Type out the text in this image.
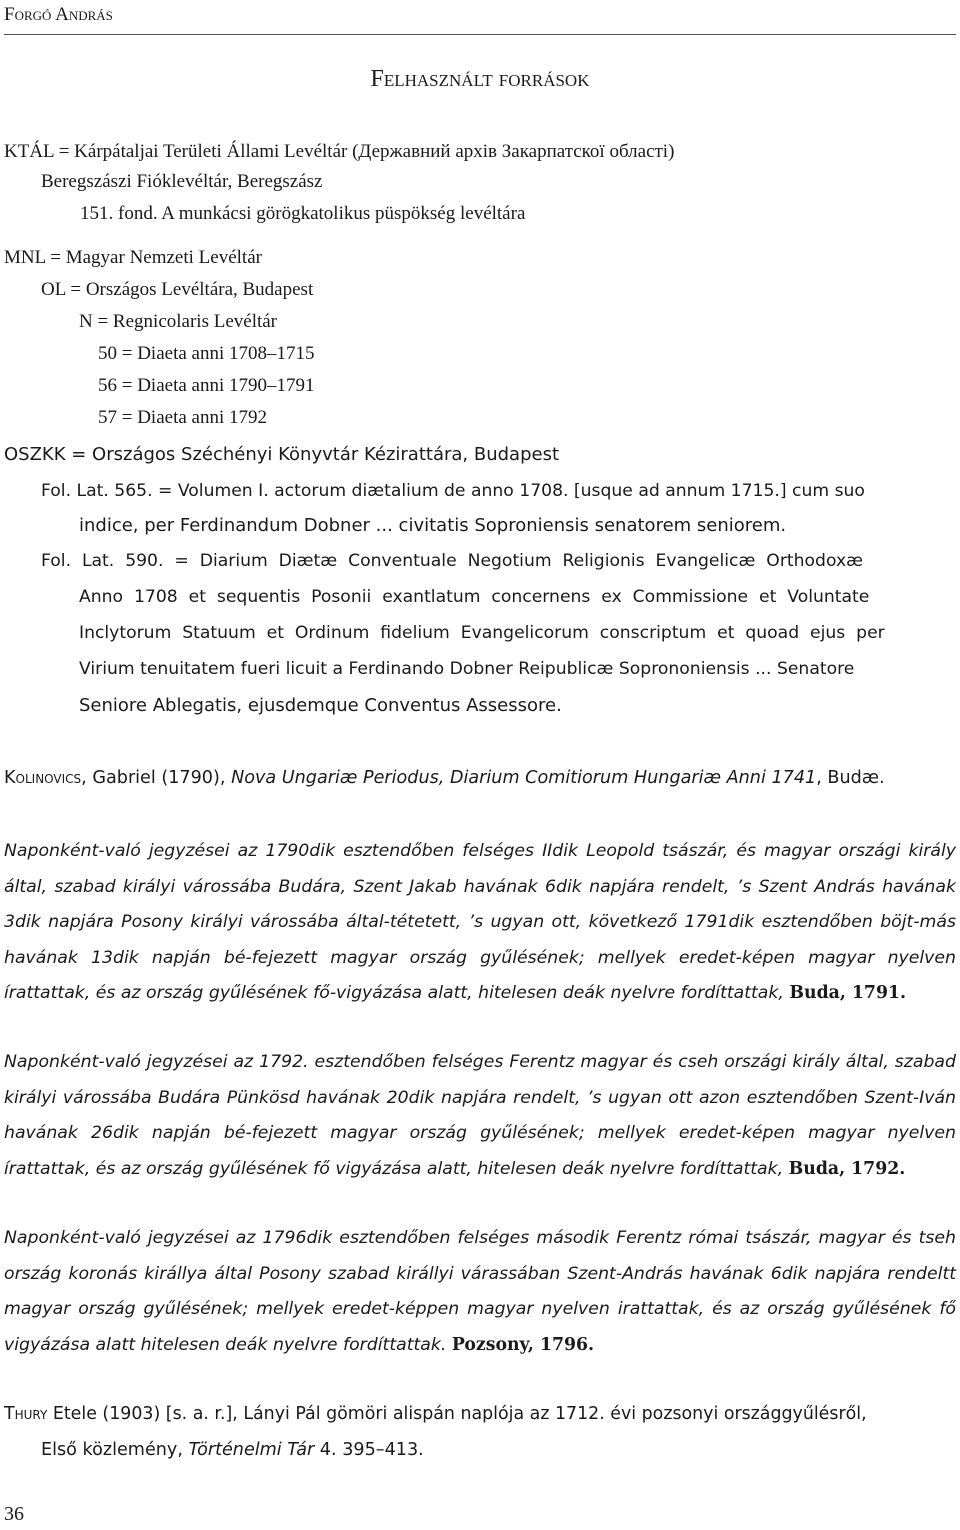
Forgó András
Felhasznált források
KTÁL = Kárpátaljai Területi Állami Levéltár (Державний архів Закарпатскої області)
Beregszászi Fióklevéltár, Beregszász
151. fond. A munkácsi görögkatolikus püspökség levéltára
MNL = Magyar Nemzeti Levéltár
OL = Országos Levéltára, Budapest
N = Regnicolaris Levéltár
50 = Diaeta anni 1708–1715
56 = Diaeta anni 1790–1791
57 = Diaeta anni 1792
OSZKK = Országos Széchényi Könyvtár Kézirattára, Budapest
Fol. Lat. 565. = Volumen I. actorum diætalium de anno 1708. [usque ad annum 1715.] cum suo
indice, per Ferdinandum Dobner ... civitatis Soproniensis senatorem seniorem.
Fol.  Lat.  590.  =  Diarium  Diætæ  Conventuale  Negotium  Religionis  Evangelicæ  Orthodoxæ
Anno  1708  et  sequentis  Posonii  exantlatum  concernens  ex  Commissione  et  Voluntate
Inclytorum  Statuum  et  Ordinum  fidelium  Evangelicorum  conscriptum  et  quoad  ejus  per
Virium tenuitatem fueri licuit a Ferdinando Dobner Reipublicæ Soprononiensis ... Senatore
Seniore Ablegatis, ejusdemque Conventus Assessore.
Kolinovics, Gabriel (1790), Nova Ungariæ Periodus, Diarium Comitiorum Hungariæ Anni 1741, Budæ.
Naponként-való jegyzései az 1790dik esztendőben felséges IIdik Leopold tsászár, és magyar országi király által, szabad királyi várossába Budára, Szent Jakab havának 6dik napjára rendelt, ’s Szent András havának 3dik napjára Posony királyi várossába által-tétetett, ’s ugyan ott, következő 1791dik esztendőben böjt-más havának 13dik napján bé-fejezett magyar ország gyűlésének; mellyek eredet-képen magyar nyelven írattattak, és az ország gyűlésének fő-vigyázása alatt, hitelesen deák nyelvre fordíttattak, Buda, 1791.
Naponként-való jegyzései az 1792. esztendőben felséges Ferentz magyar és cseh országi király által, szabad királyi várossába Budára Pünkösd havának 20dik napjára rendelt, ’s ugyan ott azon esztendőben Szent-Iván havának 26dik napján bé-fejezett magyar ország gyűlésének; mellyek eredet-képen magyar nyelven írattattak, és az ország gyűlésének fő vigyázása alatt, hitelesen deák nyelvre fordíttattak, Buda, 1792.
Naponként-való jegyzései az 1796dik esztendőben felséges második Ferentz római tsászár, magyar és tseh ország koronás királlya által Posony szabad királlyi várassában Szent-András havának 6dik napjára rendeltt magyar ország gyűlésének; mellyek eredet-képpen magyar nyelven irattattak, és az ország gyűlésének fő vigyázása alatt hitelesen deák nyelvre fordíttattak. Pozsony, 1796.
Thury Etele (1903) [s. a. r.], Lányi Pál gömöri alispán naplója az 1712. évi pozsonyi országgyűlésről,
Első közlemény, Történelmi Tár 4. 395–413.
36
